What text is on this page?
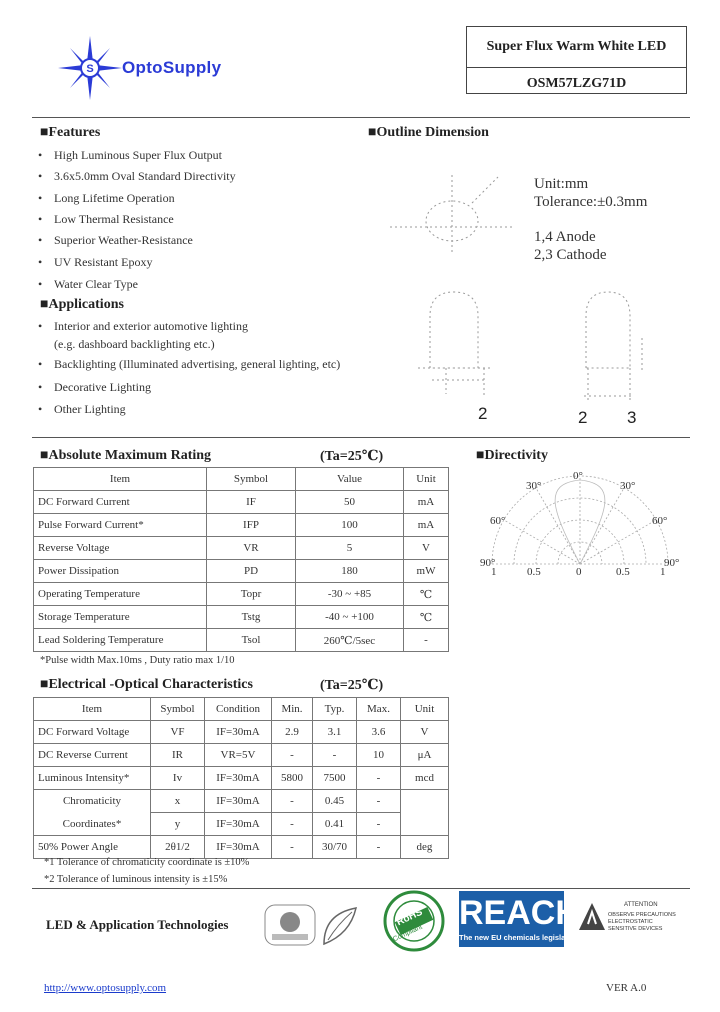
S OptoSupply
Super Flux Warm White LED
OSM57LZG71D
■Features
• High Luminous Super Flux Output
• 3.6x5.0mm Oval Standard Directivity
• Long Lifetime Operation
• Low Thermal Resistance
• Superior Weather-Resistance
• UV Resistant Epoxy
• Water Clear Type
■Applications
• Interior and exterior automotive lighting
(e.g. dashboard backlighting etc.)
• Backlighting (Illuminated advertising, general lighting, etc)
• Decorative Lighting
• Other Lighting
■Outline Dimension
Unit:mm
Tolerance:±0.3mm
1,4 Anode
2,3 Cathode
2	2 3
■Absolute Maximum Rating	(Ta=25℃)
Item	Symbol	Value	Unit
DC Forward Current	IF	50	mA
Pulse Forward Current*	IFP	100	mA
Reverse Voltage	VR	5	V
Power Dissipation	PD	180	mW
Operating Temperature	Topr	-30 ~ +85	℃
Storage Temperature	Tstg	-40 ~ +100	℃
Lead Soldering Temperature	Tsol	260℃/5sec	-
*Pulse width Max.10ms , Duty ratio max 1/10
■Directivity
0°
30°	30°
60°	60°
90°	90°
1	0.5	0	0.5	1
■Electrical -Optical Characteristics	(Ta=25℃)
Item	Symbol	Condition	Min.	Typ.	Max.	Unit
DC Forward Voltage	VF	IF=30mA	2.9	3.1	3.6	V
DC Reverse Current	IR	VR=5V	-	-	10	μA
Luminous Intensity*	Iv	IF=30mA	5800	7500	-	mcd
Chromaticity	x	IF=30mA	-	0.45	-	
Coordinates*	y	IF=30mA	-	0.41	-	
50% Power Angle	2θ1/2	IF=30mA	-	30/70	-	deg
*1 Tolerance of chromaticity coordinate is ±10%
*2 Tolerance of luminous intensity is ±15%
LED & Application Technologies	RoHS
Compliant
REACH
The new EU chemicals legislation
ATTENTION
OBSERVE PRECAUTIONS
ELECTROSTATIC
SENSITIVE DEVICES
http://www.optosupply.com	VER A.0
